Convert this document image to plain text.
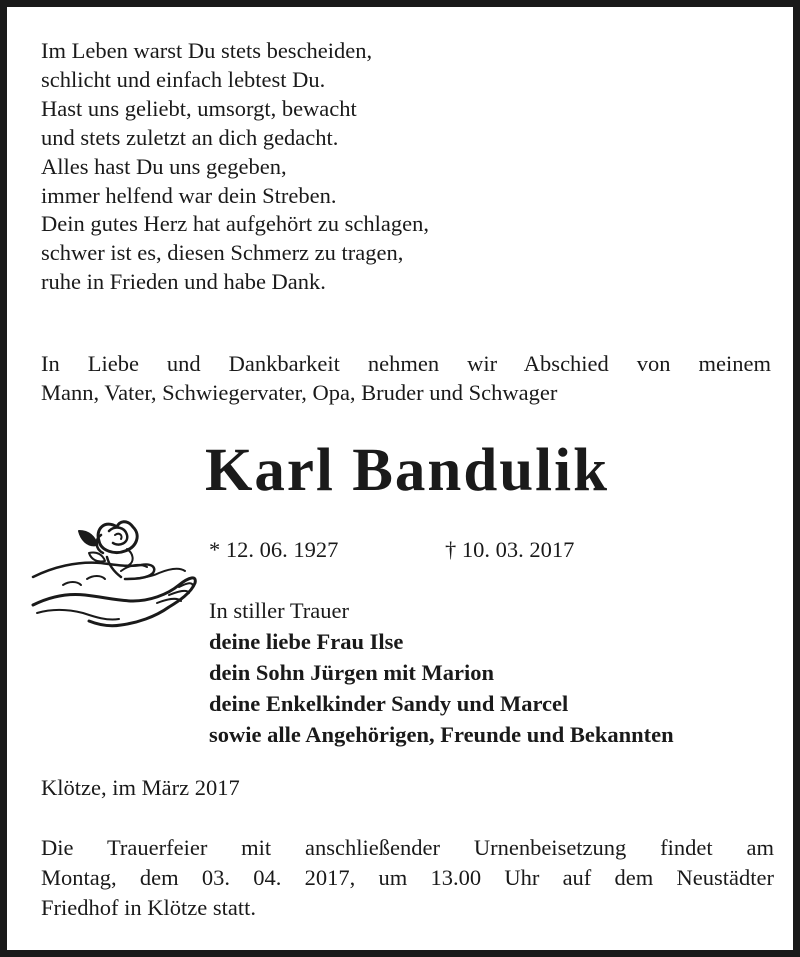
Im Leben warst Du stets bescheiden,
schlicht und einfach lebtest Du.
Hast uns geliebt, umsorgt, bewacht
und stets zuletzt an dich gedacht.
Alles hast Du uns gegeben,
immer helfend war dein Streben.
Dein gutes Herz hat aufgehört zu schlagen,
schwer ist es, diesen Schmerz zu tragen,
ruhe in Frieden und habe Dank.
In Liebe und Dankbarkeit nehmen wir Abschied von meinem
Mann, Vater, Schwiegervater, Opa, Bruder und Schwager
Karl Bandulik
* 12. 06. 1927	† 10. 03. 2017
In stiller Trauer
deine liebe Frau Ilse
dein Sohn Jürgen mit Marion
deine Enkelkinder Sandy und Marcel
sowie alle Angehörigen, Freunde und Bekannten
Klötze, im März 2017
Die Trauerfeier mit anschließender Urnenbeisetzung findet am
Montag, dem 03. 04. 2017, um 13.00 Uhr auf dem Neustädter
Friedhof in Klötze statt.
